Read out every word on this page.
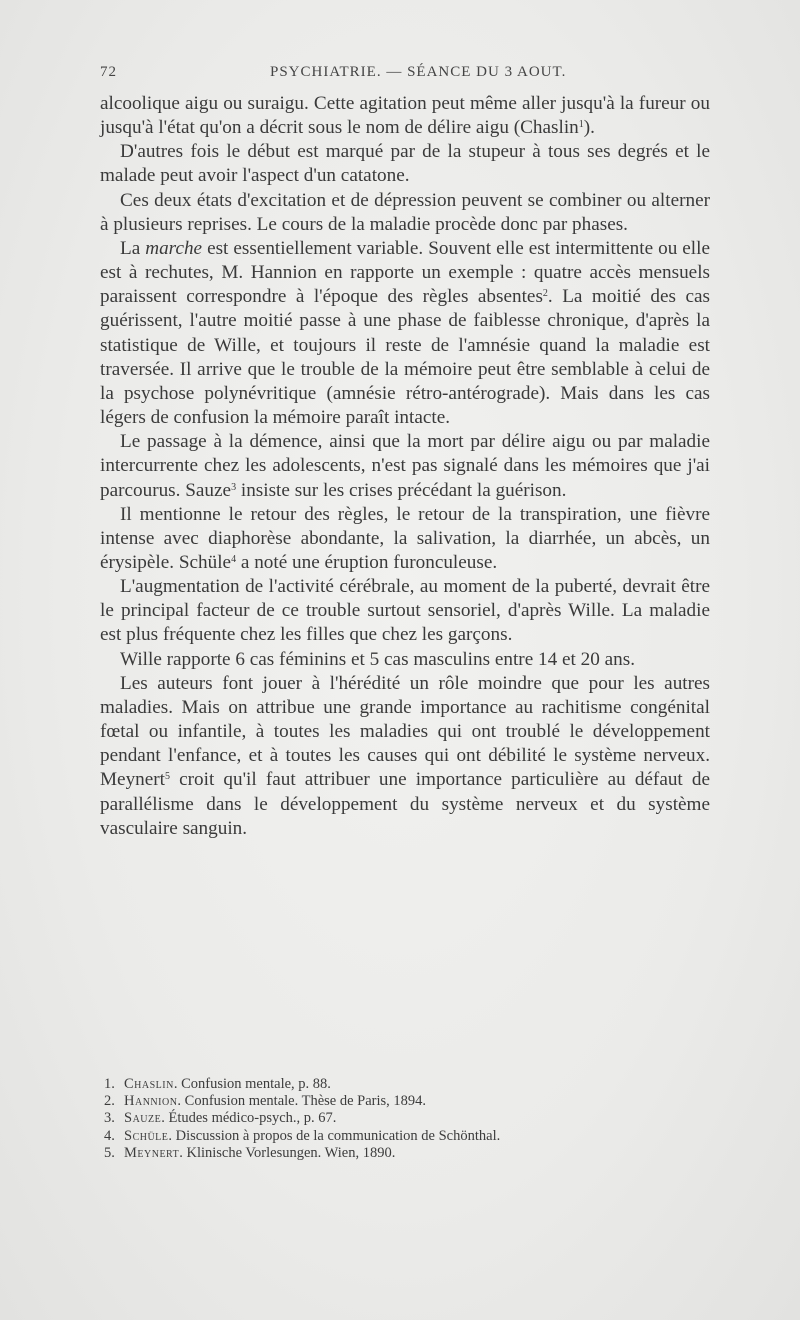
72	PSYCHIATRIE. — SÉANCE DU 3 AOUT.

alcoolique aigu ou suraigu. Cette agitation peut même aller jusqu'à la fureur ou jusqu'à l'état qu'on a décrit sous le nom de délire aigu (Chaslin$^1$).

D'autres fois le début est marqué par de la stupeur à tous ses degrés et le malade peut avoir l'aspect d'un catatone.

Ces deux états d'excitation et de dépression peuvent se combiner ou alterner à plusieurs reprises. Le cours de la maladie procède donc par phases.

La marche est essentiellement variable. Souvent elle est intermittente ou elle est à rechutes, M. Hannion en rapporte un exemple : quatre accès mensuels paraissent correspondre à l'époque des règles absentes$^2$. La moitié des cas guérissent, l'autre moitié passe à une phase de faiblesse chronique, d'après la statistique de Wille, et toujours il reste de l'amnésie quand la maladie est traversée. Il arrive que le trouble de la mémoire peut être semblable à celui de la psychose polynévritique (amnésie rétro-antérograde). Mais dans les cas légers de confusion la mémoire paraît intacte.

Le passage à la démence, ainsi que la mort par délire aigu ou par maladie intercurrente chez les adolescents, n'est pas signalé dans les mémoires que j'ai parcourus. Sauze$^3$ insiste sur les crises précédant la guérison.

Il mentionne le retour des règles, le retour de la transpiration, une fièvre intense avec diaphorèse abondante, la salivation, la diarrhée, un abcès, un érysipèle. Schüle$^4$ a noté une éruption furonculeuse.

L'augmentation de l'activité cérébrale, au moment de la puberté, devrait être le principal facteur de ce trouble surtout sensoriel, d'après Wille. La maladie est plus fréquente chez les filles que chez les garçons.

Wille rapporte 6 cas féminins et 5 cas masculins entre 14 et 20 ans.

Les auteurs font jouer à l'hérédité un rôle moindre que pour les autres maladies. Mais on attribue une grande importance au rachitisme congénital fœtal ou infantile, à toutes les maladies qui ont troublé le développement pendant l'enfance, et à toutes les causes qui ont débilité le système nerveux. Meynert$^5$ croit qu'il faut attribuer une importance particulière au défaut de parallélisme dans le développement du système nerveux et du système vasculaire sanguin.

1. Chaslin. Confusion mentale, p. 88.
2. Hannion. Confusion mentale. Thèse de Paris, 1894.
3. Sauze. Études médico-psych., p. 67.
4. Schüle. Discussion à propos de la communication de Schönthal.
5. Meynert. Klinische Vorlesungen. Wien, 1890.
